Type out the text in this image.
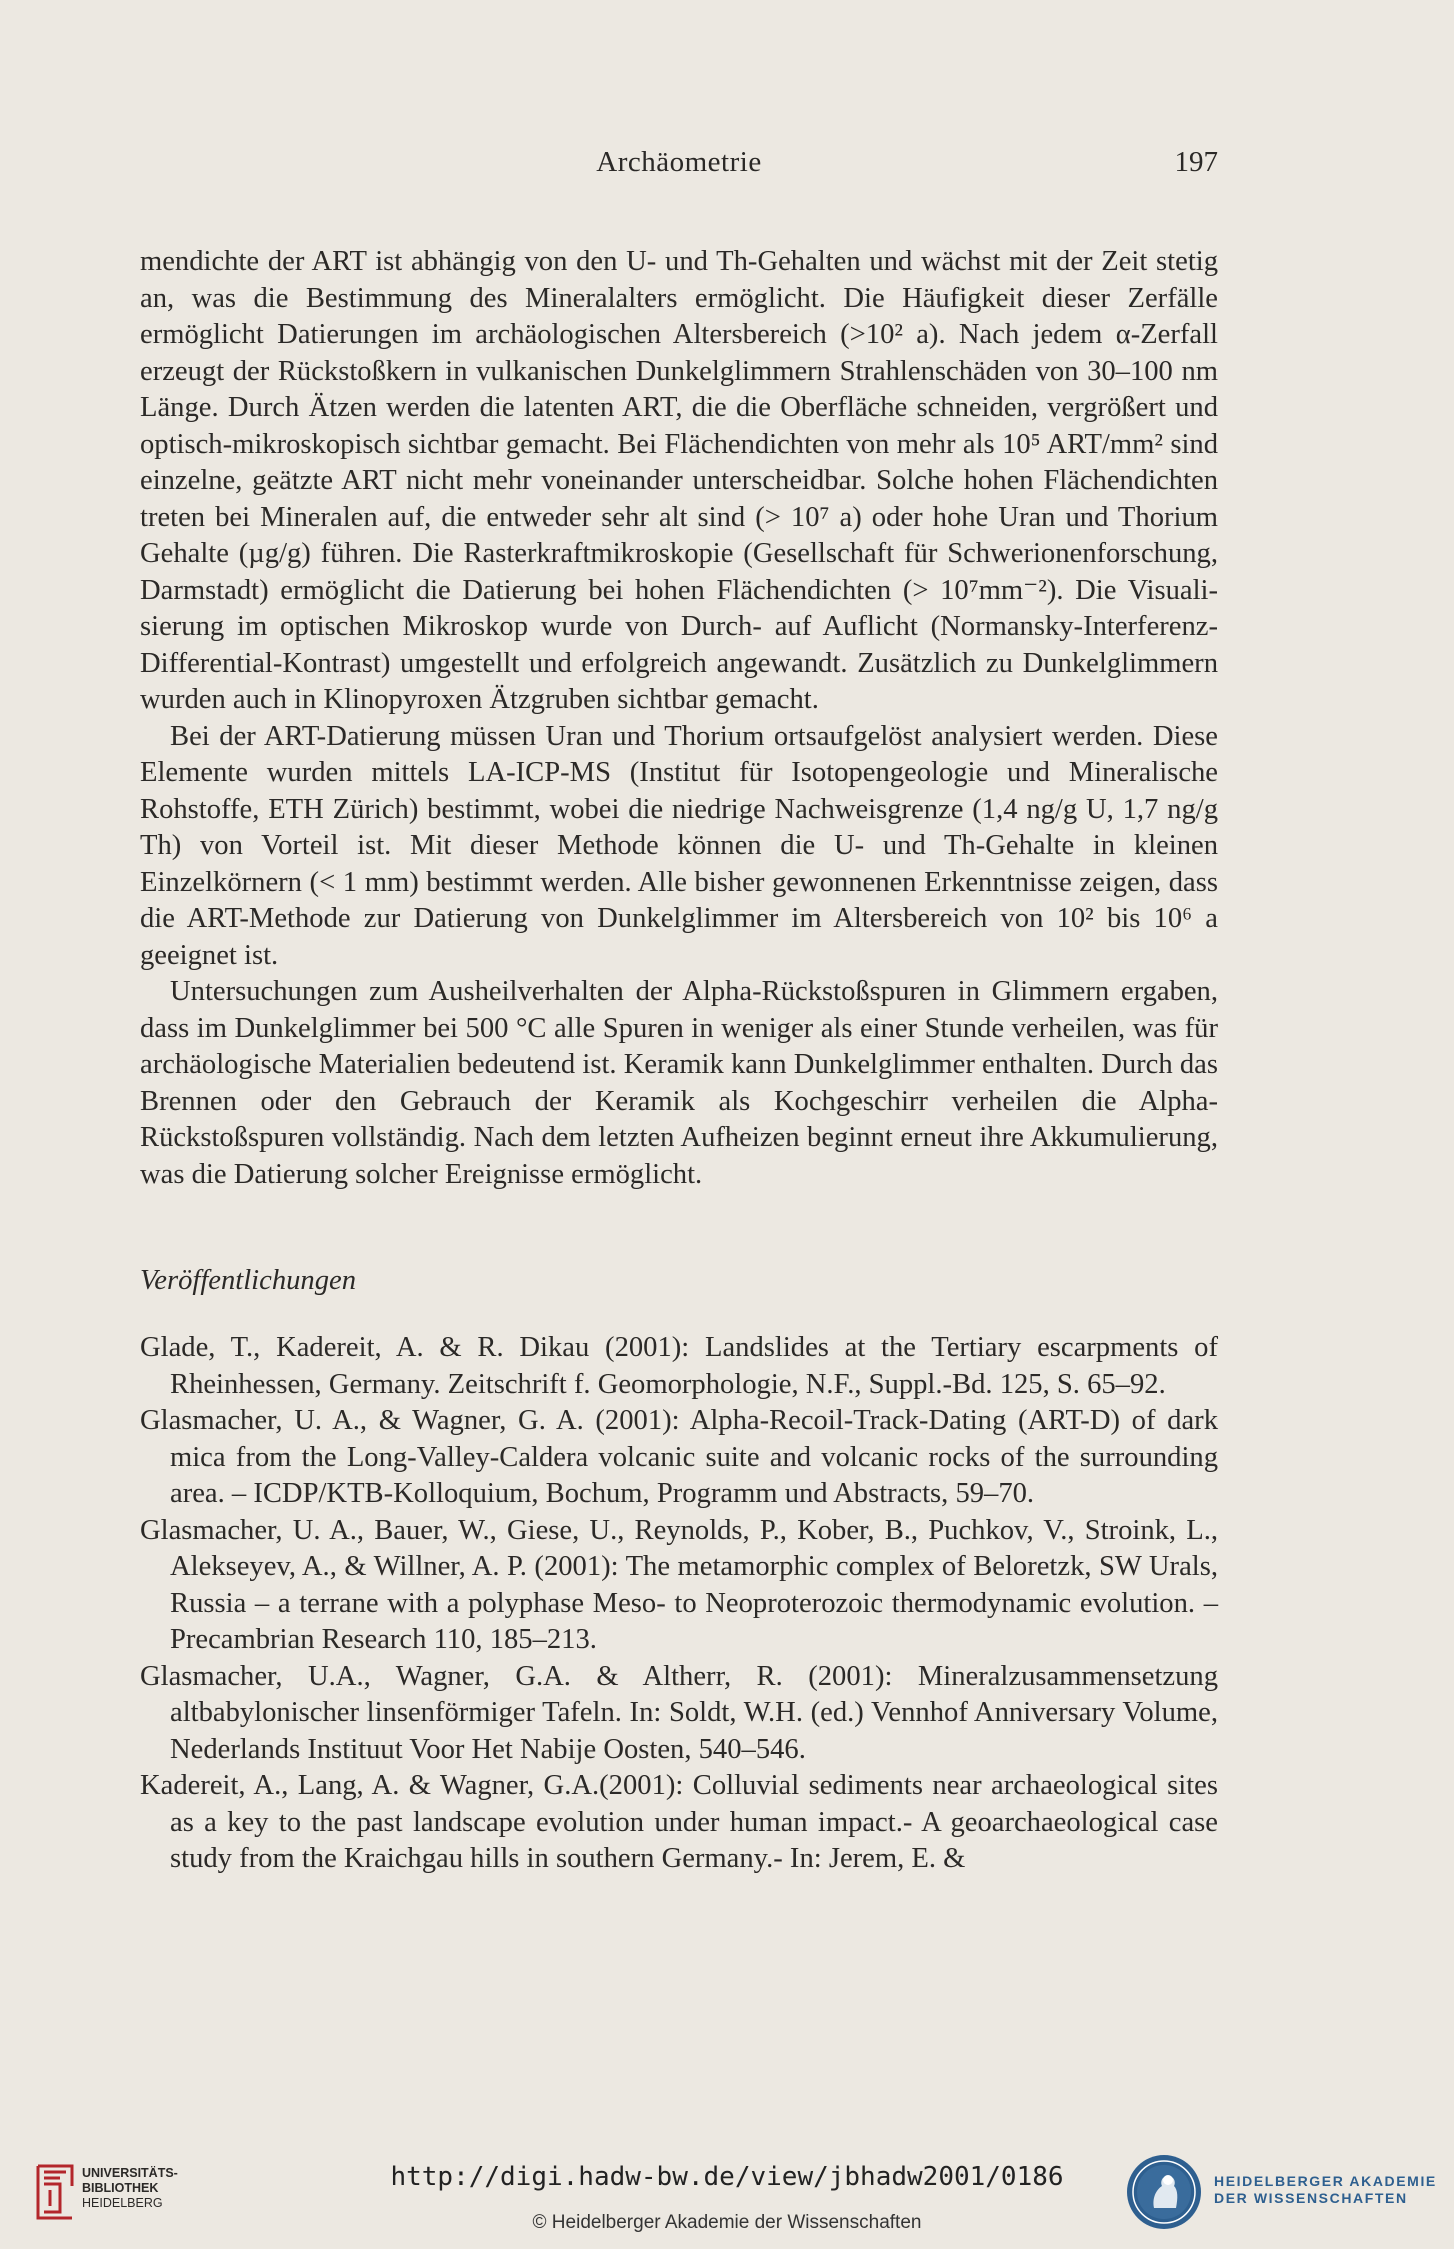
Archäometrie	197

mendichte der ART ist abhängig von den U- und Th-Gehalten und wächst mit der Zeit stetig an, was die Bestimmung des Mineralalters ermöglicht. Die Häufigkeit dieser Zerfälle ermöglicht Datierungen im archäologischen Altersbereich (>10² a). Nach jedem α-Zerfall erzeugt der Rückstoßkern in vulkanischen Dunkelglimmern Strahlenschäden von 30–100 nm Länge. Durch Ätzen werden die latenten ART, die die Oberfläche schneiden, vergrößert und optisch-mikroskopisch sichtbar gemacht. Bei Flächendichten von mehr als 10⁵ ART/mm² sind einzelne, geätzte ART nicht mehr voneinander unterscheidbar. Solche hohen Flächendichten treten bei Mineralen auf, die entweder sehr alt sind (> 10⁷ a) oder hohe Uran und Thorium Gehalte (µg/g) führen. Die Rasterkraftmikroskopie (Gesellschaft für Schwerionenforschung, Darmstadt) ermöglicht die Datierung bei hohen Flächendichten (> 10⁷mm⁻²). Die Visualisierung im optischen Mikroskop wurde von Durch- auf Auflicht (Normansky-Interferenz-Differential-Kontrast) umgestellt und erfolgreich angewandt. Zusätzlich zu Dunkelglimmern wurden auch in Klinopyroxen Ätzgruben sichtbar gemacht.

Bei der ART-Datierung müssen Uran und Thorium ortsaufgelöst analysiert werden. Diese Elemente wurden mittels LA-ICP-MS (Institut für Isotopengeologie und Mineralische Rohstoffe, ETH Zürich) bestimmt, wobei die niedrige Nachweisgrenze (1,4 ng/g U, 1,7 ng/g Th) von Vorteil ist. Mit dieser Methode können die U- und Th-Gehalte in kleinen Einzelkörnern (< 1 mm) bestimmt werden. Alle bisher gewonnenen Erkenntnisse zeigen, dass die ART-Methode zur Datierung von Dunkelglimmer im Altersbereich von 10² bis 10⁶ a geeignet ist.

Untersuchungen zum Ausheilverhalten der Alpha-Rückstoßspuren in Glimmern ergaben, dass im Dunkelglimmer bei 500 °C alle Spuren in weniger als einer Stunde verheilen, was für archäologische Materialien bedeutend ist. Keramik kann Dunkelglimmer enthalten. Durch das Brennen oder den Gebrauch der Keramik als Kochgeschirr verheilen die Alpha-Rückstoßspuren vollständig. Nach dem letzten Aufheizen beginnt erneut ihre Akkumulierung, was die Datierung solcher Ereignisse ermöglicht.

Veröffentlichungen

Glade, T., Kadereit, A. & R. Dikau (2001): Landslides at the Tertiary escarpments of Rheinhessen, Germany. Zeitschrift f. Geomorphologie, N.F., Suppl.-Bd. 125, S. 65–92.

Glasmacher, U. A., & Wagner, G. A. (2001): Alpha-Recoil-Track-Dating (ART-D) of dark mica from the Long-Valley-Caldera volcanic suite and volcanic rocks of the surrounding area. – ICDP/KTB-Kolloquium, Bochum, Programm und Abstracts, 59–70.

Glasmacher, U. A., Bauer, W., Giese, U., Reynolds, P., Kober, B., Puchkov, V., Stroink, L., Alekseyev, A., & Willner, A. P. (2001): The metamorphic complex of Beloretzk, SW Urals, Russia – a terrane with a polyphase Meso- to Neoproterozoic thermodynamic evolution. – Precambrian Research 110, 185–213.

Glasmacher, U.A., Wagner, G.A. & Altherr, R. (2001): Mineralzusammensetzung altbabylonischer linsenförmiger Tafeln. In: Soldt, W.H. (ed.) Vennhof Anniversary Volume, Nederlands Instituut Voor Het Nabije Oosten, 540–546.

Kadereit, A., Lang, A. & Wagner, G.A.(2001): Colluvial sediments near archaeological sites as a key to the past landscape evolution under human impact.- A geoarchaeological case study from the Kraichgau hills in southern Germany.- In: Jerem, E. &

UNIVERSITÄTS-
BIBLIOTHEK
HEIDELBERG
http://digi.hadw-bw.de/view/jbhadw2001/0186
© Heidelberger Akademie der Wissenschaften
HEIDELBERGER AKADEMIE
DER WISSENSCHAFTEN
